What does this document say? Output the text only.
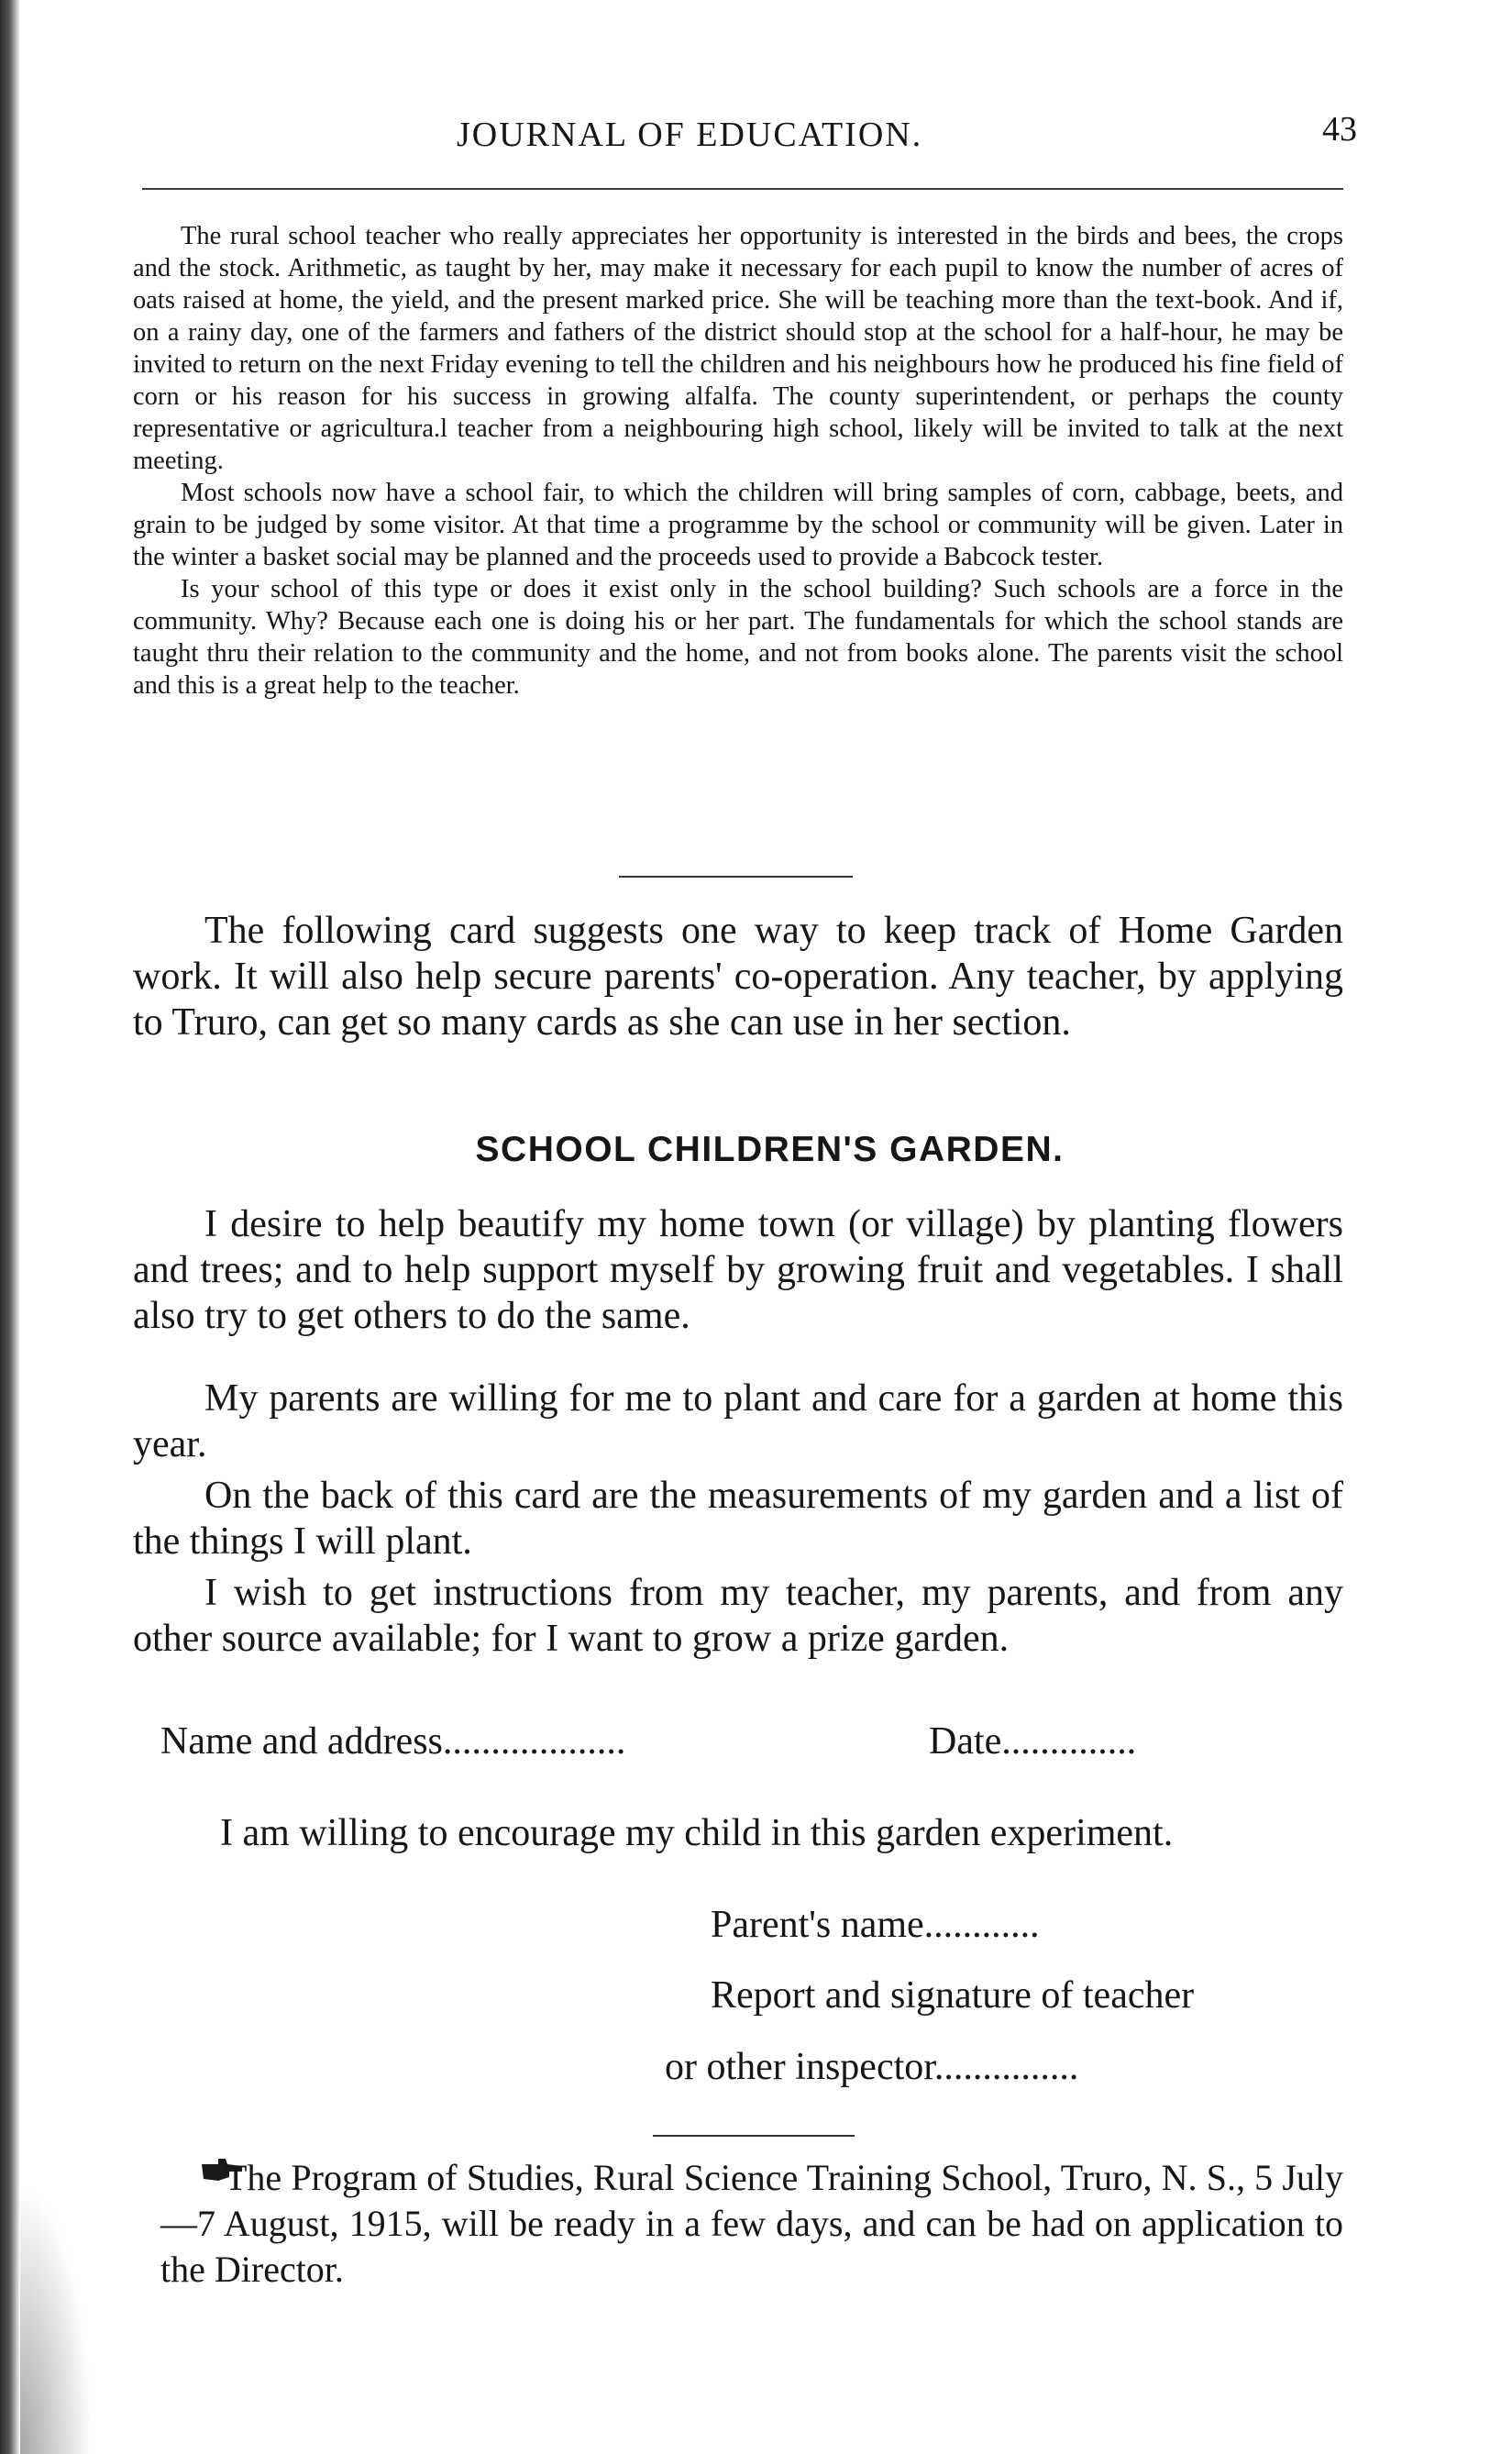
JOURNAL OF EDUCATION.	43

The rural school teacher who really appreciates her opportunity is interested in the birds and bees, the crops and the stock. Arithmetic, as taught by her, may make it necessary for each pupil to know the number of acres of oats raised at home, the yield, and the present marked price. She will be teaching more than the text-book. And if, on a rainy day, one of the farmers and fathers of the district should stop at the school for a half-hour, he may be invited to return on the next Friday evening to tell the children and his neighbours how he produced his fine field of corn or his reason for his success in growing alfalfa. The county superintendent, or perhaps the county representative or agricultura.l teacher from a neighbouring high school, likely will be invited to talk at the next meeting.

Most schools now have a school fair, to which the children will bring samples of corn, cabbage, beets, and grain to be judged by some visitor. At that time a programme by the school or community will be given. Later in the winter a basket social may be planned and the proceeds used to provide a Babcock tester.

Is your school of this type or does it exist only in the school building? Such schools are a force in the community. Why? Because each one is doing his or her part. The fundamentals for which the school stands are taught thru their relation to the community and the home, and not from books alone. The parents visit the school and this is a great help to the teacher.

The following card suggests one way to keep track of Home Garden work. It will also help secure parents' co-operation. Any teacher, by applying to Truro, can get so many cards as she can use in her section.

SCHOOL CHILDREN'S GARDEN.

I desire to help beautify my home town (or village) by planting flowers and trees; and to help support myself by growing fruit and vegetables. I shall also try to get others to do the same.

My parents are willing for me to plant and care for a garden at home this year.

On the back of this card are the measurements of my garden and a list of the things I will plant.

I wish to get instructions from my teacher, my parents, and from any other source available; for I want to grow a prize garden.

Name and address...................	Date..............
I am willing to encourage my child in this garden experiment.
Parent's name............
Report and signature of teacher
or other inspector...............

The Program of Studies, Rural Science Training School, Truro, N. S., 5 July—7 August, 1915, will be ready in a few days, and can be had on application to the Director.
